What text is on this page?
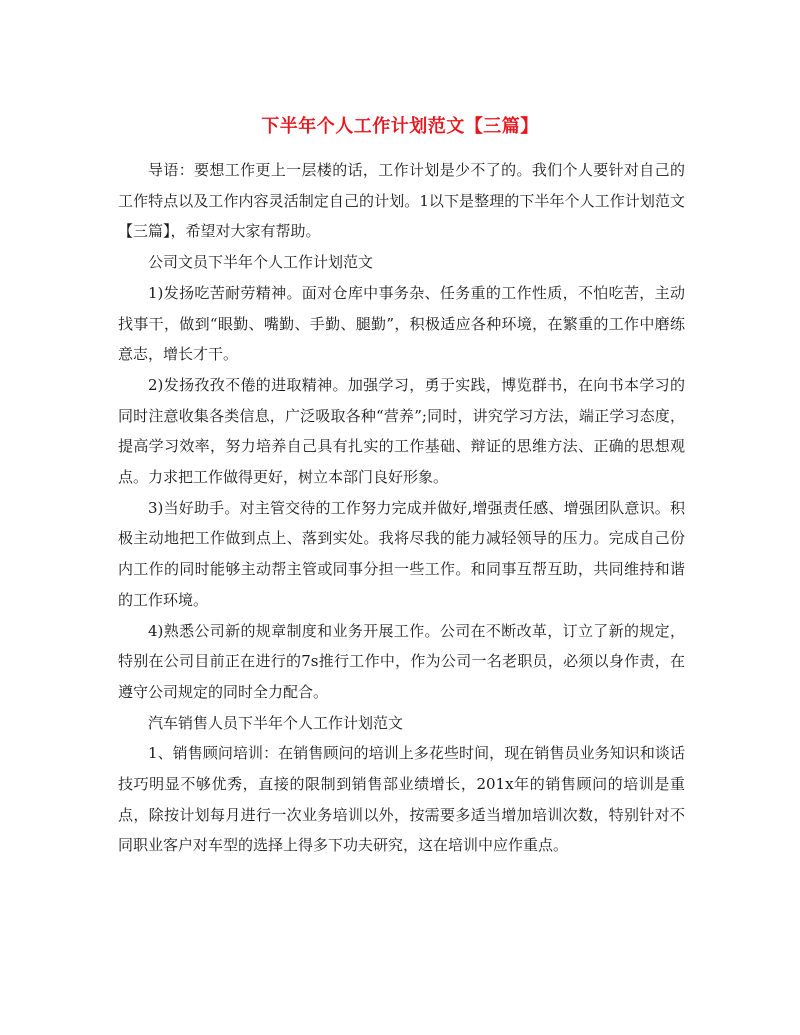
下半年个人工作计划范文【三篇】

导语：要想工作更上一层楼的话，工作计划是少不了的。我们个人要针对自己的工作特点以及工作内容灵活制定自己的计划。1以下是整理的下半年个人工作计划范文【三篇】，希望对大家有帮助。

公司文员下半年个人工作计划范文

1)发扬吃苦耐劳精神。面对仓库中事务杂、任务重的工作性质，不怕吃苦，主动找事干，做到“眼勤、嘴勤、手勤、腿勤”，积极适应各种环境，在繁重的工作中磨练意志，增长才干。

2)发扬孜孜不倦的进取精神。加强学习，勇于实践，博览群书，在向书本学习的同时注意收集各类信息，广泛吸取各种“营养”;同时，讲究学习方法，端正学习态度，提高学习效率，努力培养自己具有扎实的工作基础、辩证的思维方法、正确的思想观点。力求把工作做得更好，树立本部门良好形象。

3)当好助手。对主管交待的工作努力完成并做好,增强责任感、增强团队意识。积极主动地把工作做到点上、落到实处。我将尽我的能力减轻领导的压力。完成自己份内工作的同时能够主动帮主管或同事分担一些工作。和同事互帮互助，共同维持和谐的工作环境。

4)熟悉公司新的规章制度和业务开展工作。公司在不断改革，订立了新的规定，特别在公司目前正在进行的7s推行工作中，作为公司一名老职员，必须以身作责，在遵守公司规定的同时全力配合。

汽车销售人员下半年个人工作计划范文

1、销售顾问培训：在销售顾问的培训上多花些时间，现在销售员业务知识和谈话技巧明显不够优秀，直接的限制到销售部业绩增长，201x年的销售顾问的培训是重点，除按计划每月进行一次业务培训以外，按需要多适当增加培训次数，特别针对不同职业客户对车型的选择上得多下功夫研究，这在培训中应作重点。
